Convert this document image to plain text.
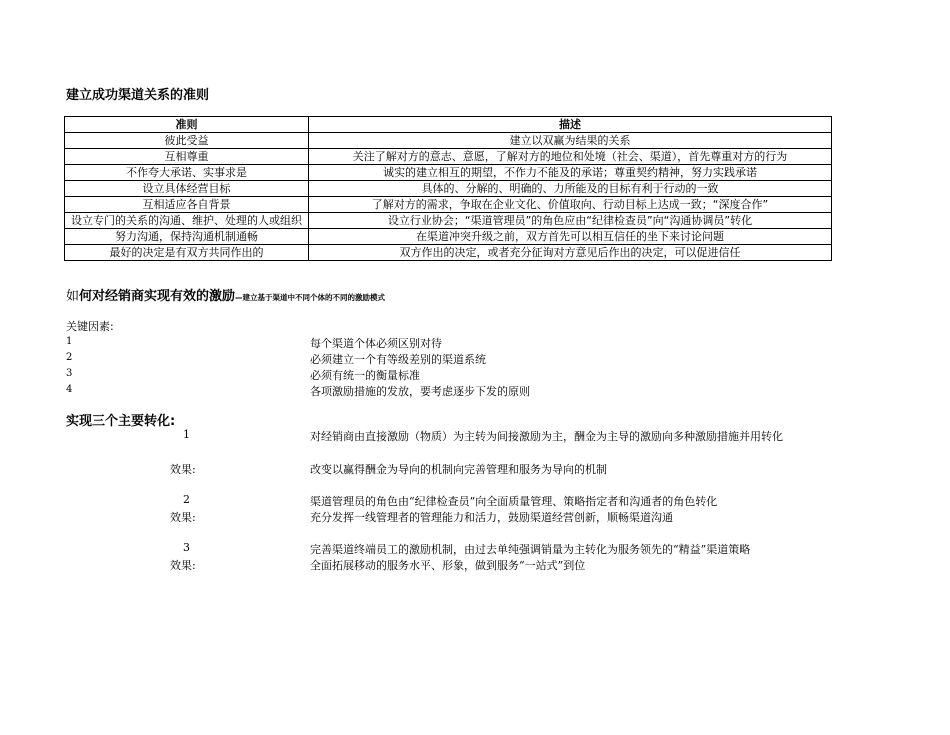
建立成功渠道关系的准则
准则	描述
彼此受益	建立以双赢为结果的关系
互相尊重	关注了解对方的意志、意愿，了解对方的地位和处境（社会、渠道），首先尊重对方的行为
不作夸大承诺、实事求是	诚实的建立相互的期望，不作力不能及的承诺；尊重契约精神，努力实践承诺
设立具体经营目标	具体的、分解的、明确的、力所能及的目标有利于行动的一致
互相适应各自背景	了解对方的需求，争取在企业文化、价值取向、行动目标上达成一致；“深度合作”
设立专门的关系的沟通、维护、处理的人或组织	设立行业协会；“渠道管理员”的角色应由“纪律检查员”向“沟通协调员”转化
努力沟通，保持沟通机制通畅	在渠道冲突升级之前，双方首先可以相互信任的坐下来讨论问题
最好的决定是有双方共同作出的	双方作出的决定，或者充分征询对方意见后作出的决定，可以促进信任
如何对经销商实现有效的激励—建立基于渠道中不同个体的不同的激励模式
关键因素:
1	每个渠道个体必须区别对待
2	必须建立一个有等级差别的渠道系统
3	必须有统一的衡量标准
4	各项激励措施的发放，要考虑逐步下发的原则
实现三个主要转化:
1	对经销商由直接激励（物质）为主转为间接激励为主，酬金为主导的激励向多种激励措施并用转化
效果:	改变以赢得酬金为导向的机制向完善管理和服务为导向的机制
2	渠道管理员的角色由“纪律检查员”向全面质量管理、策略指定者和沟通者的角色转化
效果:	充分发挥一线管理者的管理能力和活力，鼓励渠道经营创新，顺畅渠道沟通
3	完善渠道终端员工的激励机制，由过去单纯强调销量为主转化为服务领先的“精益”渠道策略
效果:	全面拓展移动的服务水平、形象，做到服务“一站式”到位
